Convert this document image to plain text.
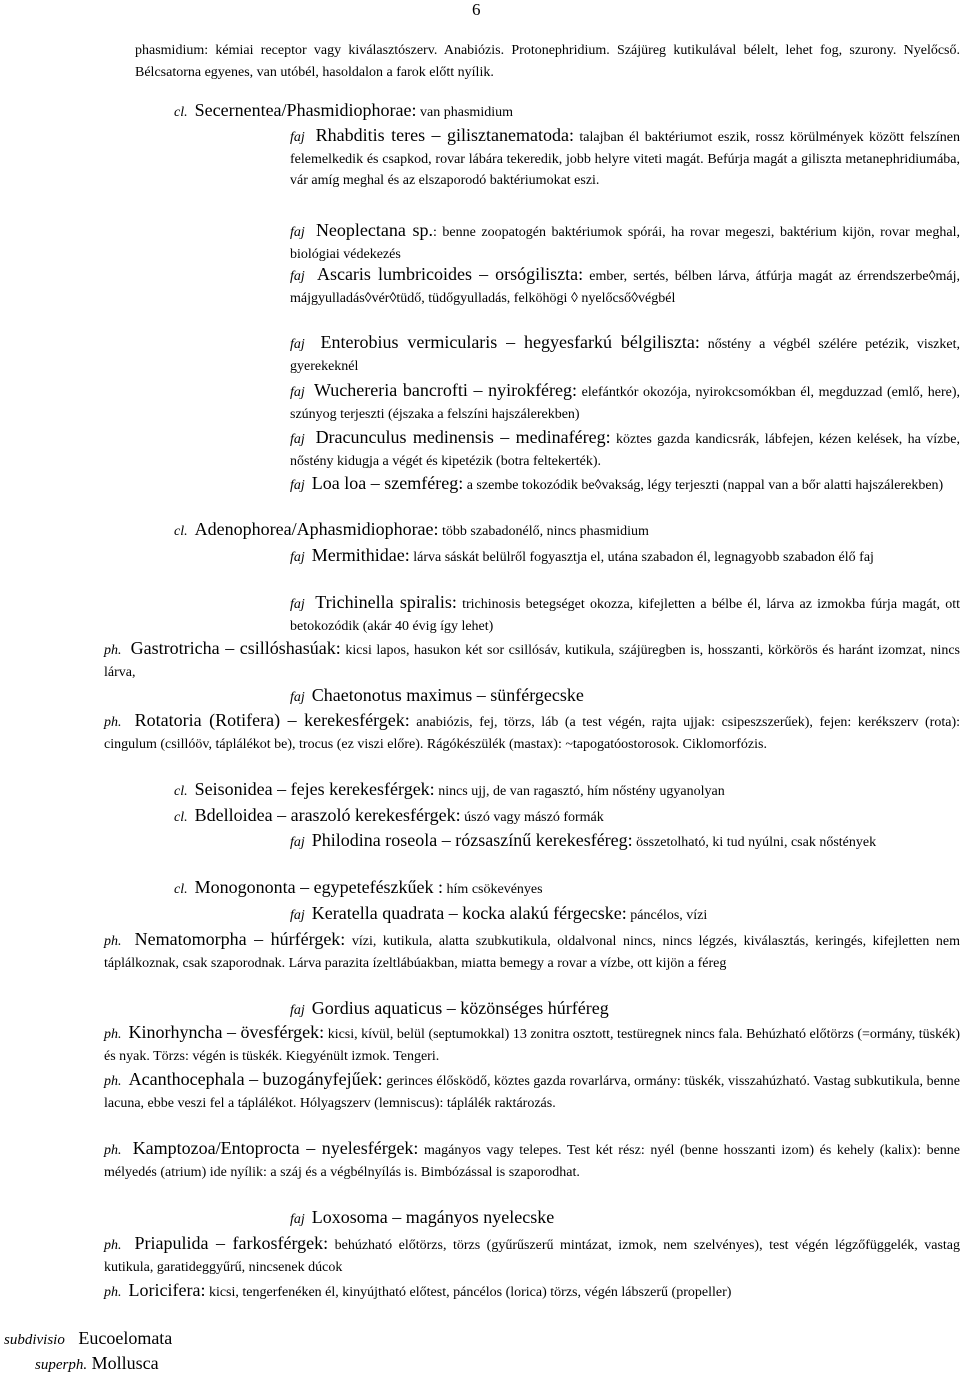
6
phasmidium: kémiai receptor vagy kiválasztószerv. Anabiózis. Protonephridium. Szájüreg kutikulával bélelt, lehet fog, szurony. Nyelőcső. Bélcsatorna egyenes, van utóbél, hasoldalon a farok előtt nyílik.
cl. Secernentea/Phasmidiophorae: van phasmidium
faj Rhabditis teres – gilisztanematoda: talajban él baktériumot eszik, rossz körülmények között felszínen felemelkedik és csapkod, rovar lábára tekeredik, jobb helyre viteti magát. Befúrja magát a giliszta metanephridiumába, vár amíg meghal és az elszaporodó baktériumokat eszi.
faj Neoplectana sp.: benne zoopatogén baktériumok spórái, ha rovar megeszi, baktérium kijön, rovar meghal, biológiai védekezés
faj Ascaris lumbricoides – orsógiliszta: ember, sertés, bélben lárva, átfúrja magát az érrendszerbe◊máj, májgyulladás◊vér◊tüdő, tüdőgyulladás, felköhögi ◊ nyelőcső◊végbél
faj Enterobius vermicularis – hegyesfarkú bélgiliszta: nőstény a végbél szélére petézik, viszket, gyerekeknél
faj Wuchereria bancrofti – nyirokféreg: elefántkór okozója, nyirokcsomókban él, megduzzad (emlő, here), szúnyog terjeszti (éjszaka a felszíni hajszálerekben)
faj Dracunculus medinensis – medinaféreg: köztes gazda kandicsrák, lábfejen, kézen kelések, ha vízbe, nőstény kidugja a végét és kipetézik (botra feltekerték).
faj Loa loa – szemféreg: a szembe tokozódik be◊vakság, légy terjeszti (nappal van a bőr alatti hajszálerekben)
cl. Adenophorea/Aphasmidiophorae: több szabadonélő, nincs phasmidium
faj Mermithidae: lárva sáskát belülről fogyasztja el, utána szabadon él, legnagyobb szabadon élő faj
faj Trichinella spiralis: trichinosis betegséget okozza, kifejletten a bélbe él, lárva az izmokba fúrja magát, ott betokozódik (akár 40 évig így lehet)
ph. Gastrotricha – csillóshasúak: kicsi lapos, hasukon két sor csillósáv, kutikula, szájüregben is, hosszanti, körkörös és haránt izomzat, nincs lárva,
faj Chaetonotus maximus – sünférgecske
ph. Rotatoria (Rotifera) – kerekesférgek: anabiózis, fej, törzs, láb (a test végén, rajta ujjak: csipeszszerűek), fejen: kerékszerv (rota): cingulum (csillóöv, táplálékot be), trocus (ez viszi előre). Rágókészülék (mastax): ~tapogatóostorosok. Ciklomorfózis.
cl. Seisonidea – fejes kerekesférgek: nincs ujj, de van ragasztó, hím nőstény ugyanolyan
cl. Bdelloidea – araszoló kerekesférgek: úszó vagy mászó formák
faj Philodina roseola – rózsaszínű kerekesféreg: összetolható, ki tud nyúlni, csak nőstények
cl. Monogononta – egypetefészkűek : hím csökevényes
faj Keratella quadrata – kocka alakú férgecske: páncélos, vízi
ph. Nematomorpha – húrférgek: vízi, kutikula, alatta szubkutikula, oldalvonal nincs, nincs légzés, kiválasztás, keringés, kifejletten nem táplálkoznak, csak szaporodnak. Lárva parazita ízeltlábúakban, miatta bemegy a rovar a vízbe, ott kijön a féreg
faj Gordius aquaticus – közönséges húrféreg
ph. Kinorhyncha – övesférgek: kicsi, kívül, belül (septumokkal) 13 zonitra osztott, testüregnek nincs fala. Behúzható előtörzs (=ormány, tüskék) és nyak. Törzs: végén is tüskék. Kiegyénült izmok. Tengeri.
ph. Acanthocephala – buzogányfejűek: gerinces élősködő, köztes gazda rovarlárva, ormány: tüskék, visszahúzható. Vastag subkutikula, benne lacuna, ebbe veszi fel a táplálékot. Hólyagszerv (lemniscus): táplálék raktározás.
ph. Kamptozoa/Entoprocta – nyelesférgek: magányos vagy telepes. Test két rész: nyél (benne hosszanti izom) és kehely (kalix): benne mélyedés (atrium) ide nyílik: a száj és a végbélnyílás is. Bimbózással is szaporodhat.
faj Loxosoma – magányos nyelecske
ph. Priapulida – farkosférgek: behúzható előtörzs, törzs (gyűrűszerű mintázat, izmok, nem szelvényes), test végén légzőfüggelék, vastag kutikula, garatideggyűrű, nincsenek dúcok
ph. Loricifera: kicsi, tengerfenéken él, kinyújtható előtest, páncélos (lorica) törzs, végén lábszerű (propeller)
subdivisio Eucoelomata
superph. Mollusca
